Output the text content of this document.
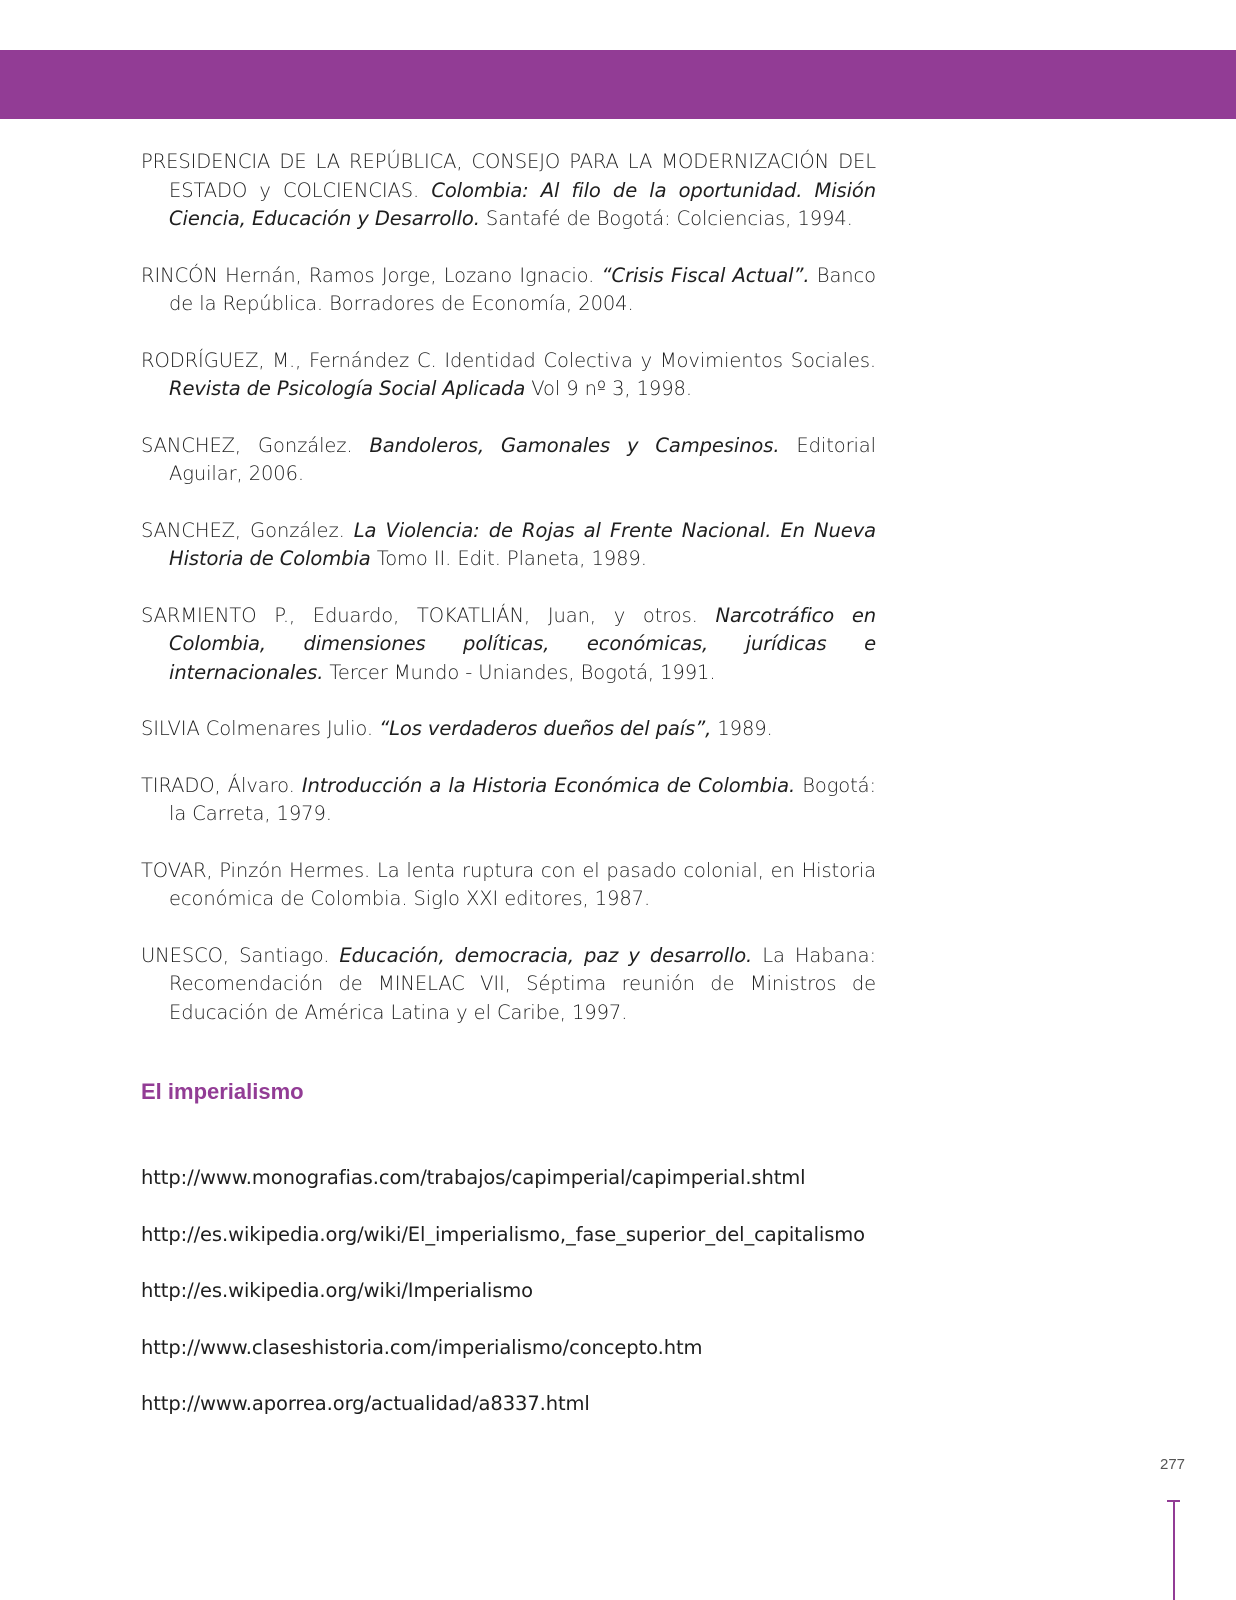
PRESIDENCIA DE LA REPÚBLICA, CONSEJO PARA LA MODERNIZACIÓN DEL ESTADO y COLCIENCIAS. Colombia: Al filo de la oportunidad. Misión Ciencia, Educación y Desarrollo. Santafé de Bogotá: Colciencias, 1994.

RINCÓN Hernán, Ramos Jorge, Lozano Ignacio. “Crisis Fiscal Actual”. Banco de la República. Borradores de Economía, 2004.

RODRÍGUEZ, M., Fernández C. Identidad Colectiva y Movimientos Sociales. Revista de Psicología Social Aplicada Vol 9 nº 3, 1998.

SANCHEZ, González. Bandoleros, Gamonales y Campesinos. Editorial Aguilar, 2006.

SANCHEZ, González. La Violencia: de Rojas al Frente Nacional. En Nueva Historia de Colombia Tomo II. Edit. Planeta, 1989.

SARMIENTO P., Eduardo, TOKATLIÁN, Juan, y otros. Narcotráfico en Colombia, dimensiones políticas, económicas, jurídicas e internacionales. Tercer Mundo - Uniandes, Bogotá, 1991.

SILVIA Colmenares Julio. “Los verdaderos dueños del país”, 1989.

TIRADO, Álvaro. Introducción a la Historia Económica de Colombia. Bogotá: la Carreta, 1979.

TOVAR, Pinzón Hermes. La lenta ruptura con el pasado colonial, en Historia económica de Colombia. Siglo XXI editores, 1987.

UNESCO, Santiago. Educación, democracia, paz y desarrollo. La Habana: Recomendación de MINELAC VII, Séptima reunión de Ministros de Educación de América Latina y el Caribe, 1997.

El imperialismo
http://www.monografias.com/trabajos/capimperial/capimperial.shtml
http://es.wikipedia.org/wiki/El_imperialismo,_fase_superior_del_capitalismo
http://es.wikipedia.org/wiki/Imperialismo
http://www.claseshistoria.com/imperialismo/concepto.htm
http://www.aporrea.org/actualidad/a8337.html
277
